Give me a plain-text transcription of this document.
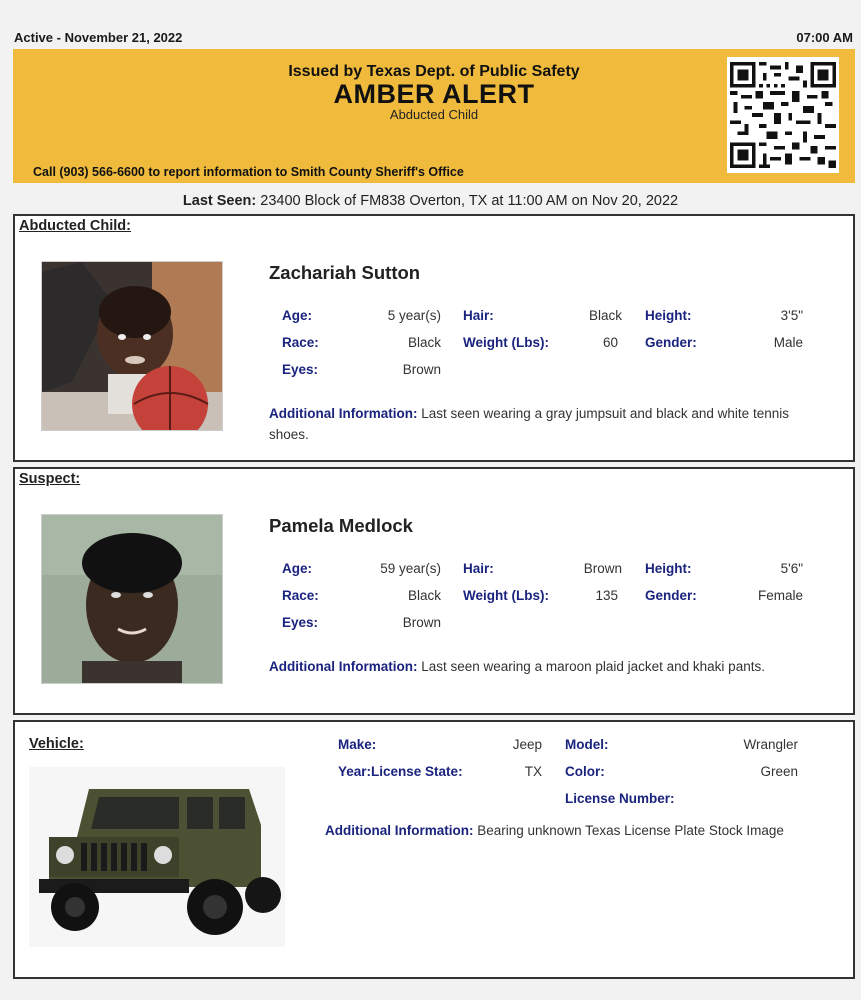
Active - November 21, 2022	07:00 AM
Issued by Texas Dept. of Public Safety
AMBER ALERT
Abducted Child
Call (903) 566-6600 to report information to Smith County Sheriff's Office
Last Seen: 23400 Block of FM838 Overton, TX at 11:00 AM on Nov 20, 2022
Abducted Child:
Zachariah Sutton
Age:	5 year(s) Hair:	Black Height:	3'5"
Race:	Black Weight (Lbs):	60 Gender:	Male
Eyes:	Brown
Additional Information: Last seen wearing a gray jumpsuit and black and white tennis shoes.
Suspect:
Pamela Medlock
Age:	59 year(s) Hair:	Brown Height:	5'6"
Race:	Black Weight (Lbs):	135 Gender:	Female
Eyes:	Brown
Additional Information: Last seen wearing a maroon plaid jacket and khaki pants.
Vehicle:	Make:	Jeep Model:	Wrangler
Year:License State:	TX Color:	Green
License Number:
Additional Information: Bearing unknown Texas License Plate Stock Image
